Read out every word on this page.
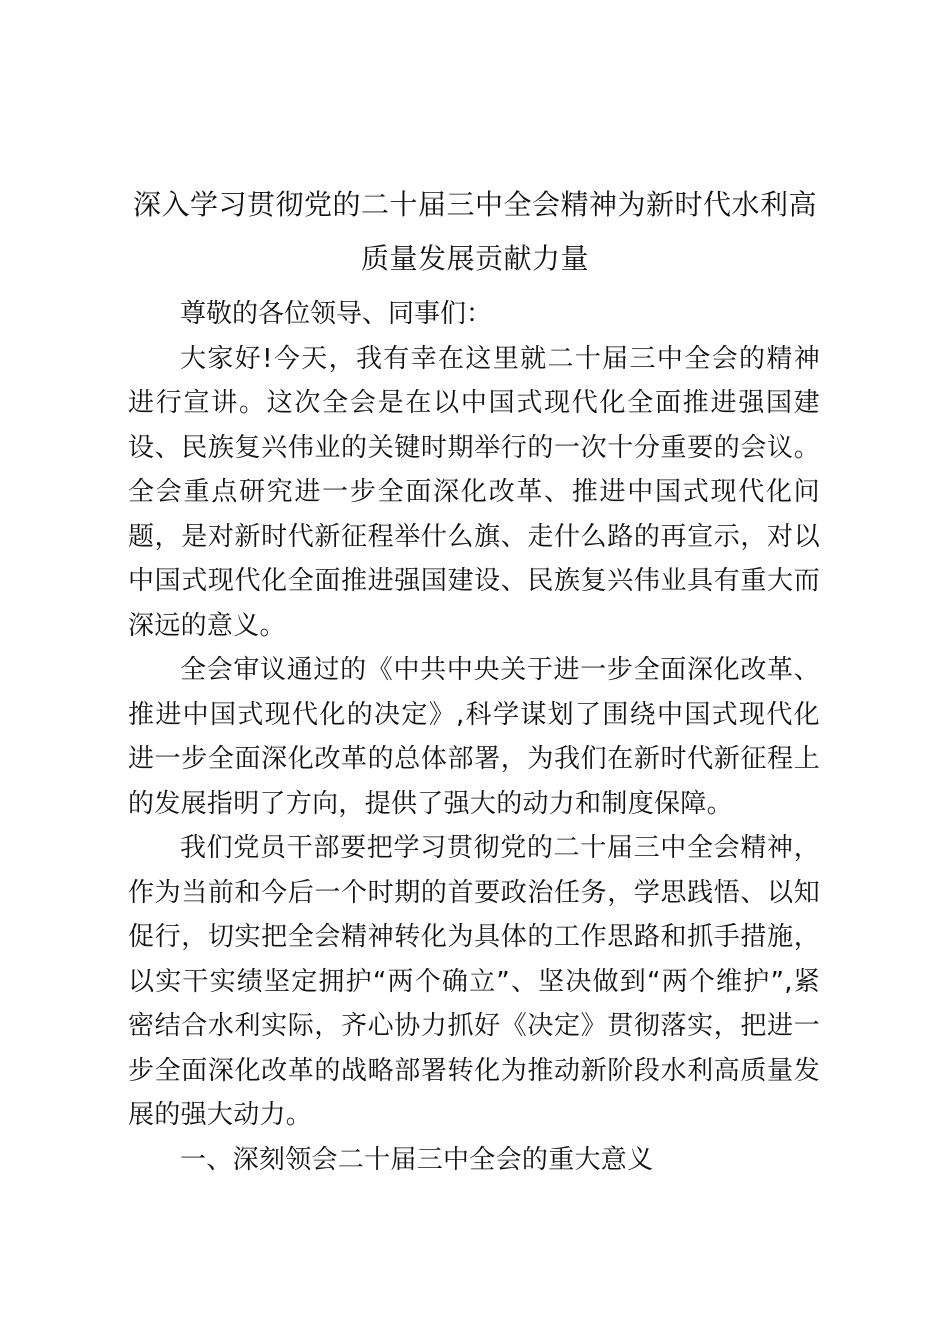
深入学习贯彻党的二十届三中全会精神为新时代水利高质量发展贡献力量

尊敬的各位领导、同事们：

大家好!今天，我有幸在这里就二十届三中全会的精神进行宣讲。这次全会是在以中国式现代化全面推进强国建设、民族复兴伟业的关键时期举行的一次十分重要的会议。全会重点研究进一步全面深化改革、推进中国式现代化问题，是对新时代新征程举什么旗、走什么路的再宣示，对以中国式现代化全面推进强国建设、民族复兴伟业具有重大而深远的意义。

全会审议通过的《中共中央关于进一步全面深化改革、推进中国式现代化的决定》,科学谋划了围绕中国式现代化进一步全面深化改革的总体部署，为我们在新时代新征程上的发展指明了方向，提供了强大的动力和制度保障。

我们党员干部要把学习贯彻党的二十届三中全会精神，作为当前和今后一个时期的首要政治任务，学思践悟、以知促行，切实把全会精神转化为具体的工作思路和抓手措施，以实干实绩坚定拥护“两个确立”、坚决做到“两个维护”,紧密结合水利实际，齐心协力抓好《决定》贯彻落实，把进一步全面深化改革的战略部署转化为推动新阶段水利高质量发展的强大动力。

一、深刻领会二十届三中全会的重大意义
